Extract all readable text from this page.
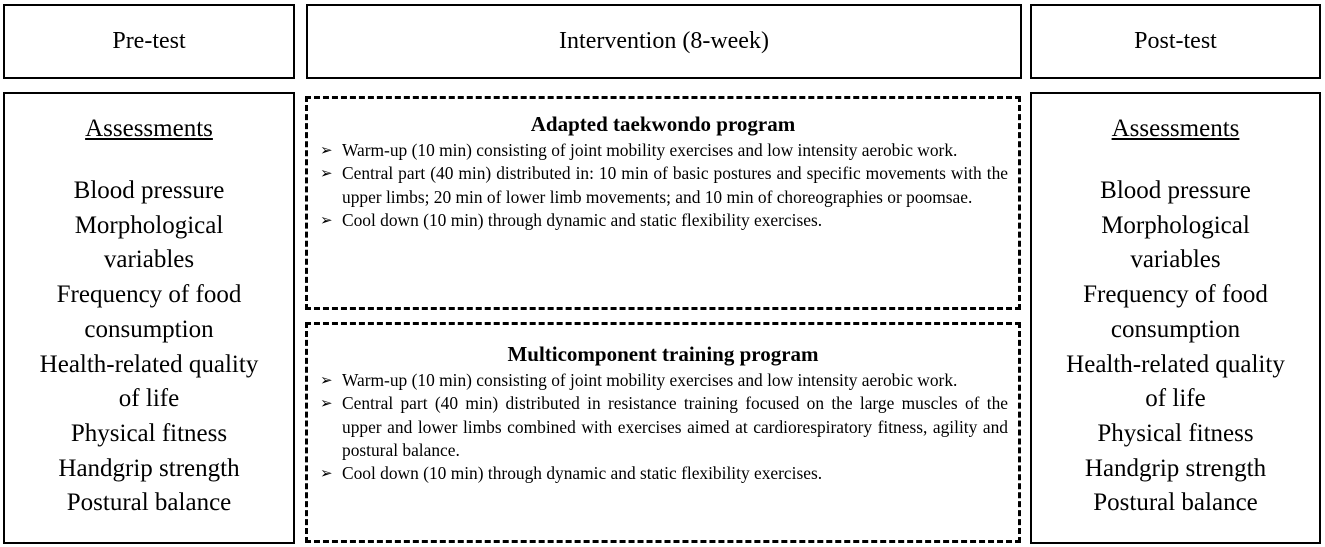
Pre-test	Intervention (8-week)	Post-test
Assessments
Blood pressure
Morphological
variables
Frequency of food
consumption
Health-related quality
of life
Physical fitness
Handgrip strength
Postural balance
Adapted taekwondo program
➢ Warm-up (10 min) consisting of joint mobility exercises and low intensity aerobic work.
➢ Central part (40 min) distributed in: 10 min of basic postures and specific movements with the upper limbs; 20 min of lower limb movements; and 10 min of choreographies or poomsae.
➢ Cool down (10 min) through dynamic and static flexibility exercises.
Multicomponent training program
➢ Warm-up (10 min) consisting of joint mobility exercises and low intensity aerobic work.
➢ Central part (40 min) distributed in resistance training focused on the large muscles of the upper and lower limbs combined with exercises aimed at cardiorespiratory fitness, agility and postural balance.
➢ Cool down (10 min) through dynamic and static flexibility exercises.
Assessments
Blood pressure
Morphological
variables
Frequency of food
consumption
Health-related quality
of life
Physical fitness
Handgrip strength
Postural balance
